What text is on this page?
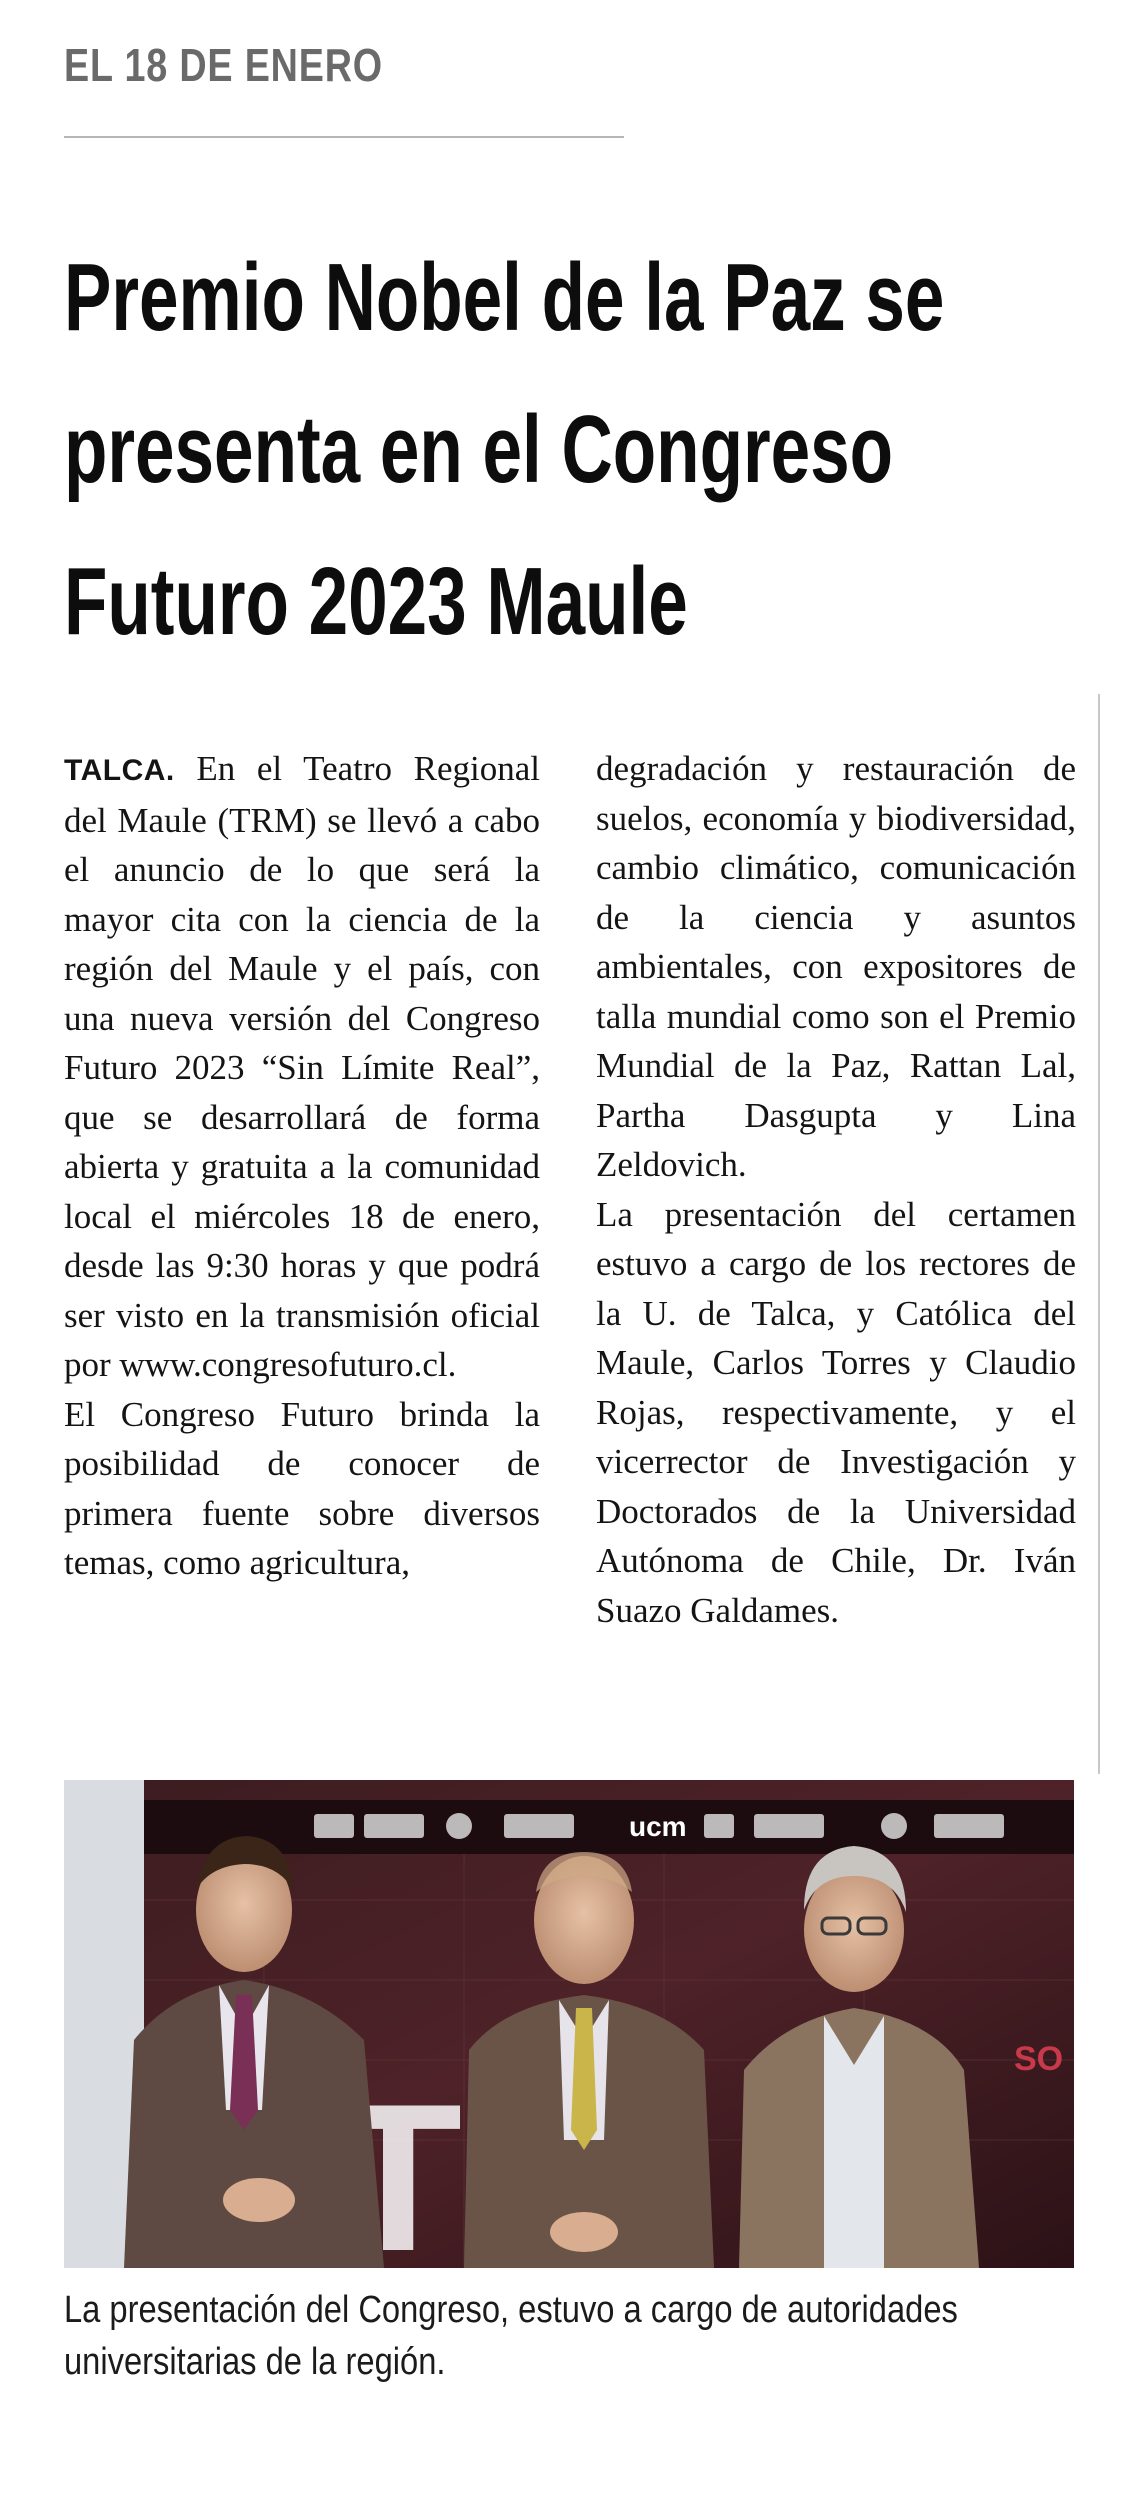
EL 18 DE ENERO
Premio Nobel de la Paz se
presenta en el Congreso
Futuro 2023 Maule

TALCA. En el Teatro Regional del Maule (TRM) se llevó a cabo el anuncio de lo que será la mayor cita con la ciencia de la región del Maule y el país, con una nueva versión del Congreso Futuro 2023 “Sin Límite Real”, que se desarrollará de forma abierta y gratuita a la comunidad local el miércoles 18 de enero, desde las 9:30 horas y que podrá ser visto en la transmisión oficial por www.congresofuturo.cl.

El Congreso Futuro brinda la posibilidad de conocer de primera fuente sobre diversos temas, como agricultura,

degradación y restauración de suelos, economía y biodiversidad, cambio climático, comunicación de la ciencia y asuntos ambientales, con expositores de talla mundial como son el Premio Mundial de la Paz, Rattan Lal, Partha Dasgupta y Lina Zeldovich.

La presentación del certamen estuvo a cargo de los rectores de la U. de Talca, y Católica del Maule, Carlos Torres y Claudio Rojas, respectivamente, y el vicerrector de Investigación y Doctorados de la Universidad Autónoma de Chile, Dr. Iván Suazo Galdames.

ucm
SO
La presentación del Congreso, estuvo a cargo de autoridades
universitarias de la región.
